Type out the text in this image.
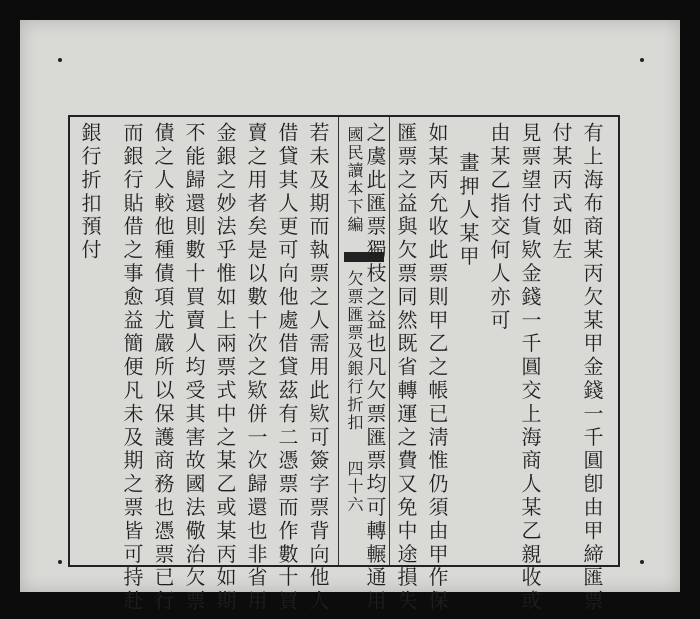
有上海布商某丙欠某甲金錢一千圓卽由甲締匯票
付某丙式如左
見票望付貨欵金錢一千圓交上海商人某乙親收或
由某乙指交何人亦可
畫押人某甲
如某丙允收此票則甲乙之帳已淸惟仍須由甲作保
匯票之益與欠票同然既省轉運之費又免中途損失
之虞此匯票獨枝之益也凡欠票匯票均可轉輾通用
國民讀本下編
欠票匯票及銀行折扣
四十六
若未及期而執票之人需用此欵可簽字票背向他人
借貸其人更可向他處借貸茲有二憑票而作數十買
賣之用者矣是以數十次之欵併一次歸還也非省用
金銀之妙法乎惟如上兩票式中之某乙或某丙如期
不能歸還則數十買賣人均受其害故國法儆治欠票
債之人較他種債項尤嚴所以保護商務也憑票已行
而銀行貼借之事愈益簡便凡未及期之票皆可持赴
銀行折扣預付
